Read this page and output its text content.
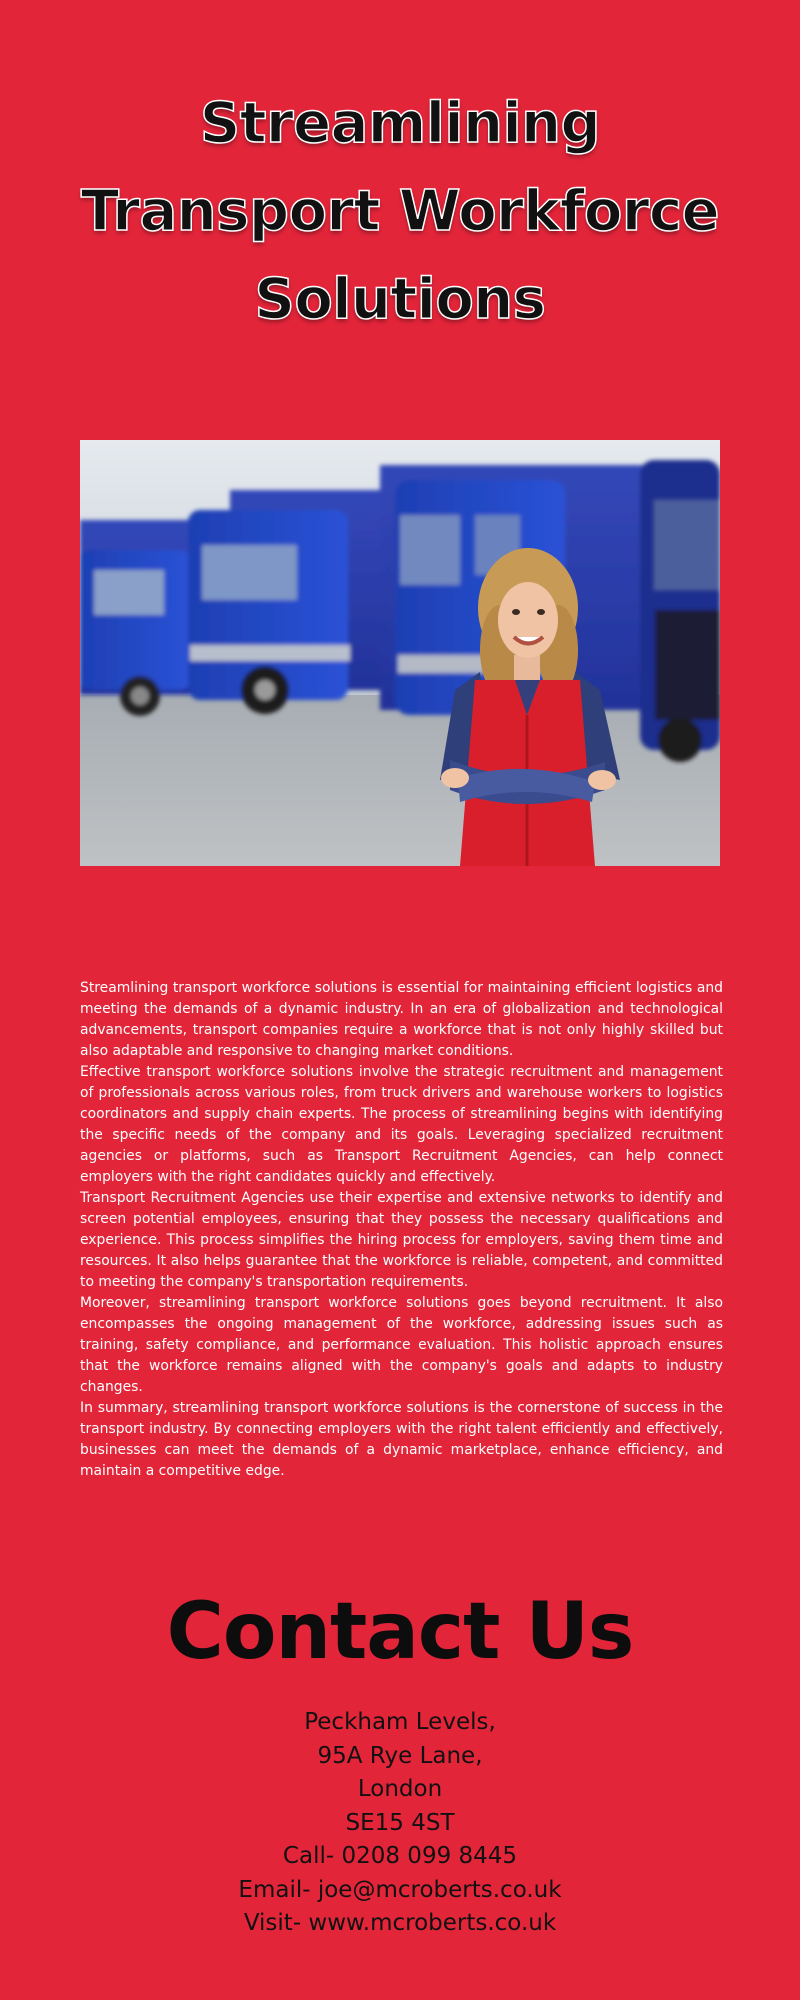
Streamlining
Transport Workforce
Solutions

Streamlining transport workforce solutions is essential for maintaining efficient logistics and meeting the demands of a dynamic industry. In an era of globalization and technological advancements, transport companies require a workforce that is not only highly skilled but also adaptable and responsive to changing market conditions.

Effective transport workforce solutions involve the strategic recruitment and management of professionals across various roles, from truck drivers and warehouse workers to logistics coordinators and supply chain experts. The process of streamlining begins with identifying the specific needs of the company and its goals. Leveraging specialized recruitment agencies or platforms, such as Transport Recruitment Agencies, can help connect employers with the right candidates quickly and effectively.

Transport Recruitment Agencies use their expertise and extensive networks to identify and screen potential employees, ensuring that they possess the necessary qualifications and experience. This process simplifies the hiring process for employers, saving them time and resources. It also helps guarantee that the workforce is reliable, competent, and committed to meeting the company's transportation requirements.

Moreover, streamlining transport workforce solutions goes beyond recruitment. It also encompasses the ongoing management of the workforce, addressing issues such as training, safety compliance, and performance evaluation. This holistic approach ensures that the workforce remains aligned with the company's goals and adapts to industry changes.

In summary, streamlining transport workforce solutions is the cornerstone of success in the transport industry. By connecting employers with the right talent efficiently and effectively, businesses can meet the demands of a dynamic marketplace, enhance efficiency, and maintain a competitive edge.

Contact Us
Peckham Levels,
95A Rye Lane,
London
SE15 4ST
Call- 0208 099 8445
Email- joe@mcroberts.co.uk
Visit- www.mcroberts.co.uk
